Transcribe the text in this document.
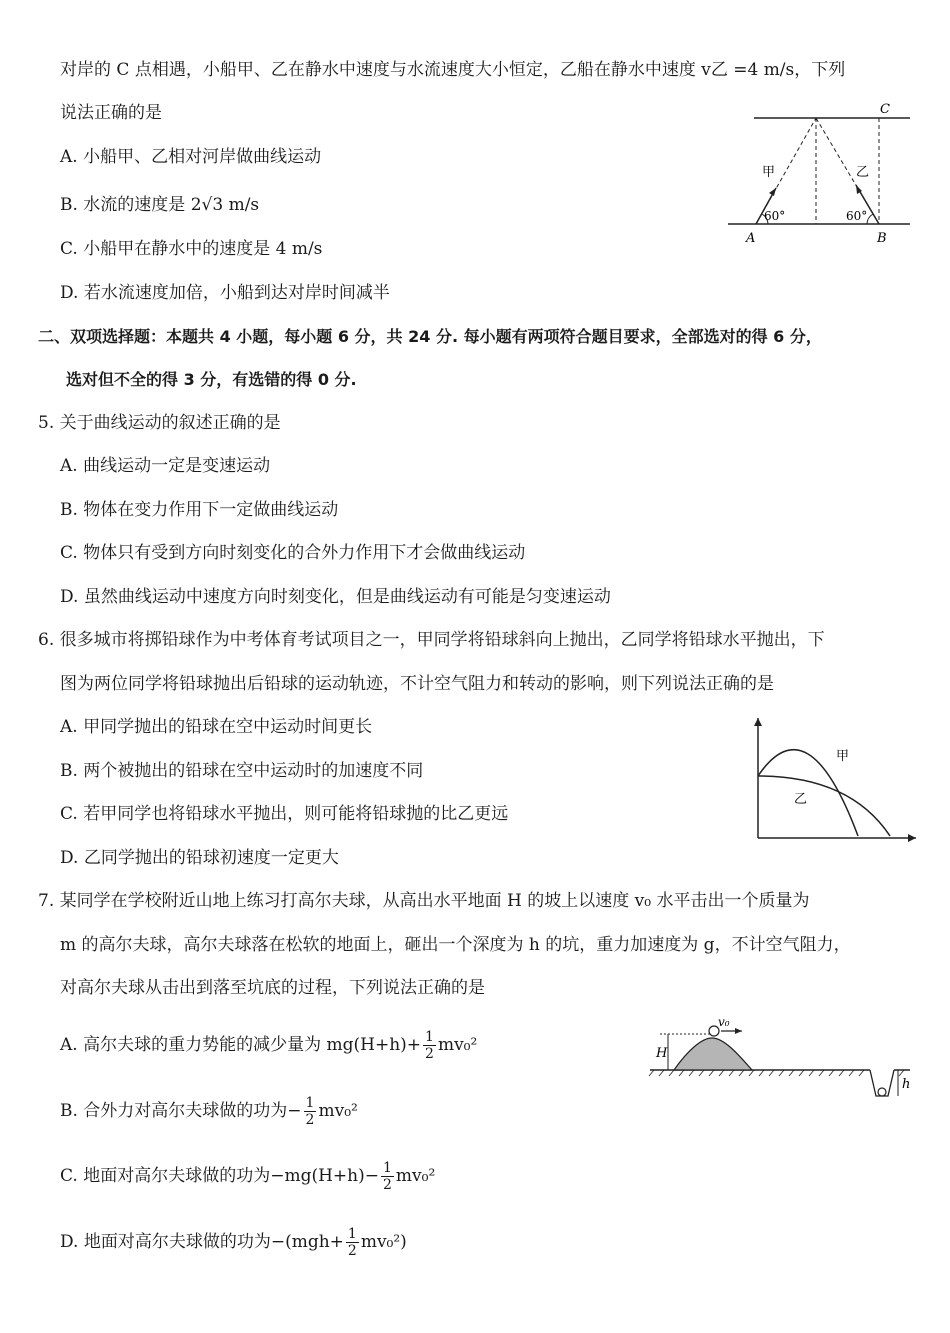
对岸的 C 点相遇，小船甲、乙在静水中速度与水流速度大小恒定，乙船在静水中速度 v乙 =4 m/s，下列
说法正确的是
A. 小船甲、乙相对河岸做曲线运动
B. 水流的速度是 2√3 m/s
C. 小船甲在静水中的速度是 4 m/s
D. 若水流速度加倍，小船到达对岸时间减半
C
A	B
甲	乙
60°	60°
二、双项选择题：本题共 4 小题，每小题 6 分，共 24 分. 每小题有两项符合题目要求，全部选对的得 6 分，
选对但不全的得 3 分，有选错的得 0 分.
5. 关于曲线运动的叙述正确的是
A. 曲线运动一定是变速运动
B. 物体在变力作用下一定做曲线运动
C. 物体只有受到方向时刻变化的合外力作用下才会做曲线运动
D. 虽然曲线运动中速度方向时刻变化，但是曲线运动有可能是匀变速运动
6. 很多城市将掷铅球作为中考体育考试项目之一，甲同学将铅球斜向上抛出，乙同学将铅球水平抛出，下
图为两位同学将铅球抛出后铅球的运动轨迹，不计空气阻力和转动的影响，则下列说法正确的是
A. 甲同学抛出的铅球在空中运动时间更长
B. 两个被抛出的铅球在空中运动时的加速度不同
C. 若甲同学也将铅球水平抛出，则可能将铅球抛的比乙更远
D. 乙同学抛出的铅球初速度一定更大
甲
乙
7. 某同学在学校附近山地上练习打高尔夫球，从高出水平地面 H 的坡上以速度 v₀ 水平击出一个质量为
m 的高尔夫球，高尔夫球落在松软的地面上，砸出一个深度为 h 的坑，重力加速度为 g，不计空气阻力，
对高尔夫球从击出到落至坑底的过程，下列说法正确的是
A. 高尔夫球的重力势能的减少量为 $mg(H+h)+ \frac{1}{2} mv_0^2$
B. 合外力对高尔夫球做的功为− $\frac{1}{2} mv_0^2$
C. 地面对高尔夫球做的功为$-mg(H+h)- \frac{1}{2} mv_0^2$
D. 地面对高尔夫球做的功为$-(mgh+ \frac{1}{2} mv_0^2)$
H
h
v₀
